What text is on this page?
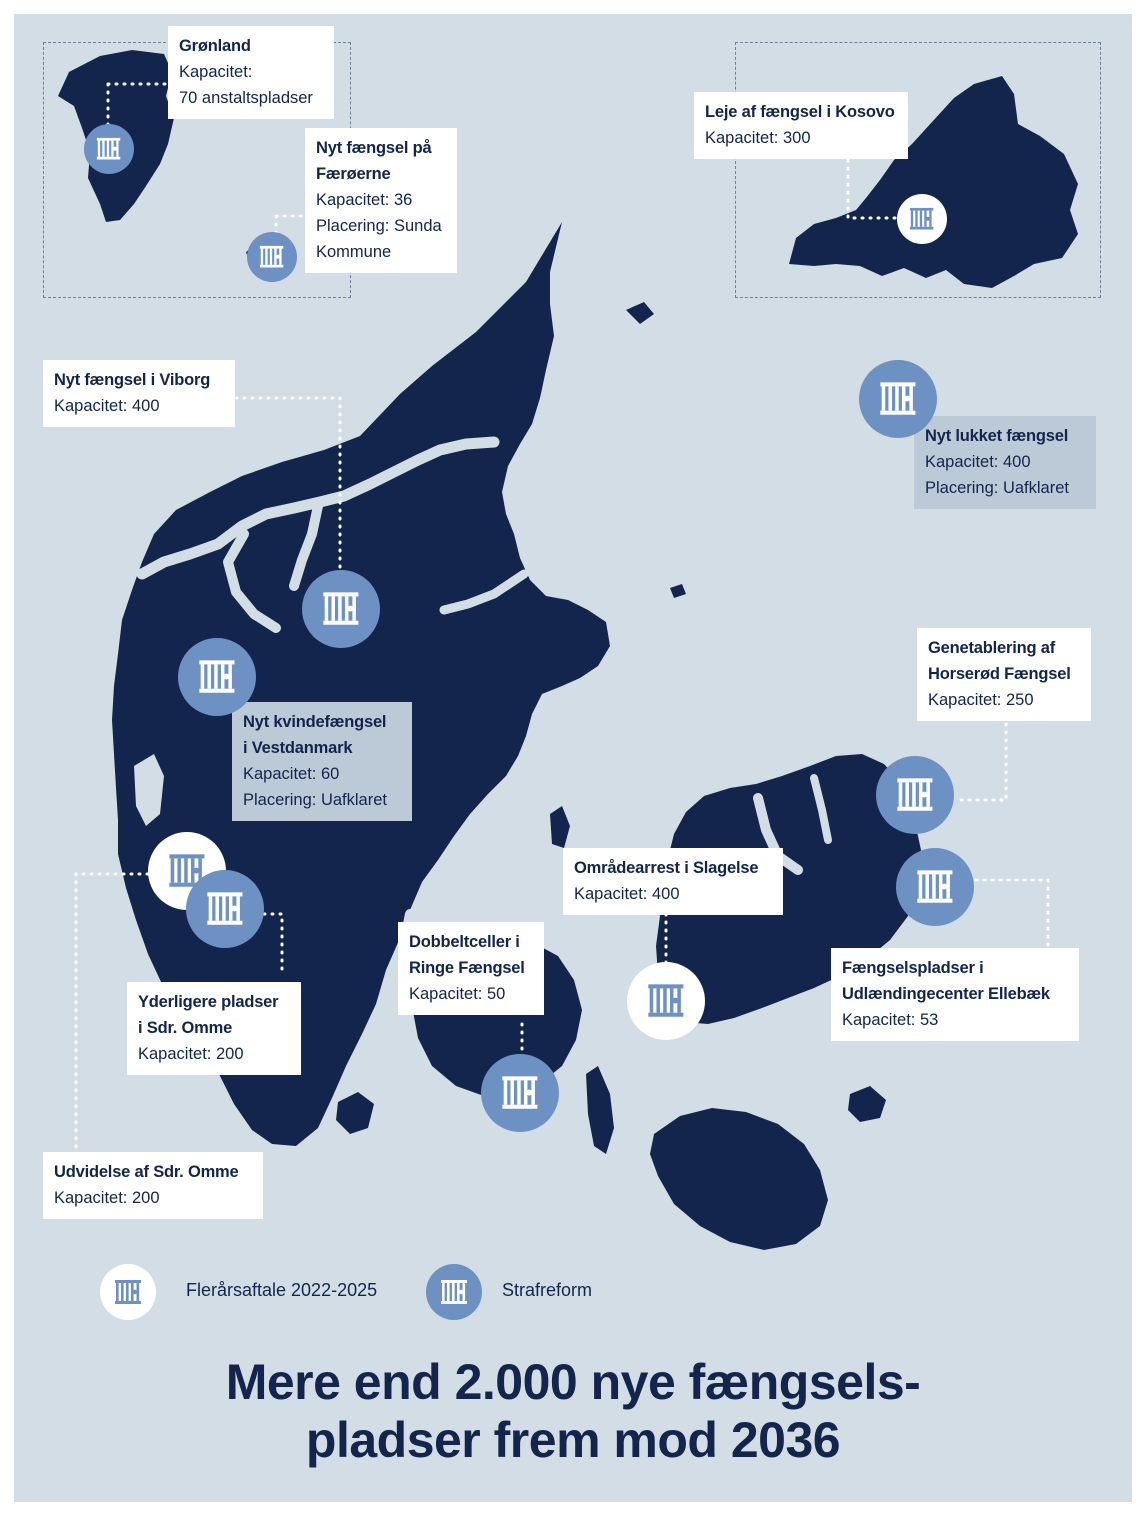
Grønland
Kapacitet:
70 anstaltspladser
Nyt fængsel på
Færøerne
Kapacitet: 36
Placering: Sunda
Kommune
Leje af fængsel i Kosovo
Kapacitet: 300
Nyt fængsel i Viborg
Kapacitet: 400
Nyt lukket fængsel
Kapacitet: 400
Placering: Uafklaret
Nyt kvindefængsel
i Vestdanmark
Kapacitet: 60
Placering: Uafklaret
Genetablering af
Horserød Fængsel
Kapacitet: 250
Områdearrest i Slagelse
Kapacitet: 400
Dobbeltceller i
Ringe Fængsel
Kapacitet: 50
Fængselspladser i
Udlændingecenter Ellebæk
Kapacitet: 53
Yderligere pladser
i Sdr. Omme
Kapacitet: 200
Udvidelse af Sdr. Omme
Kapacitet: 200
Flerårsaftale 2022-2025	Strafreform
Mere end 2.000 nye fængsels-
pladser frem mod 2036
